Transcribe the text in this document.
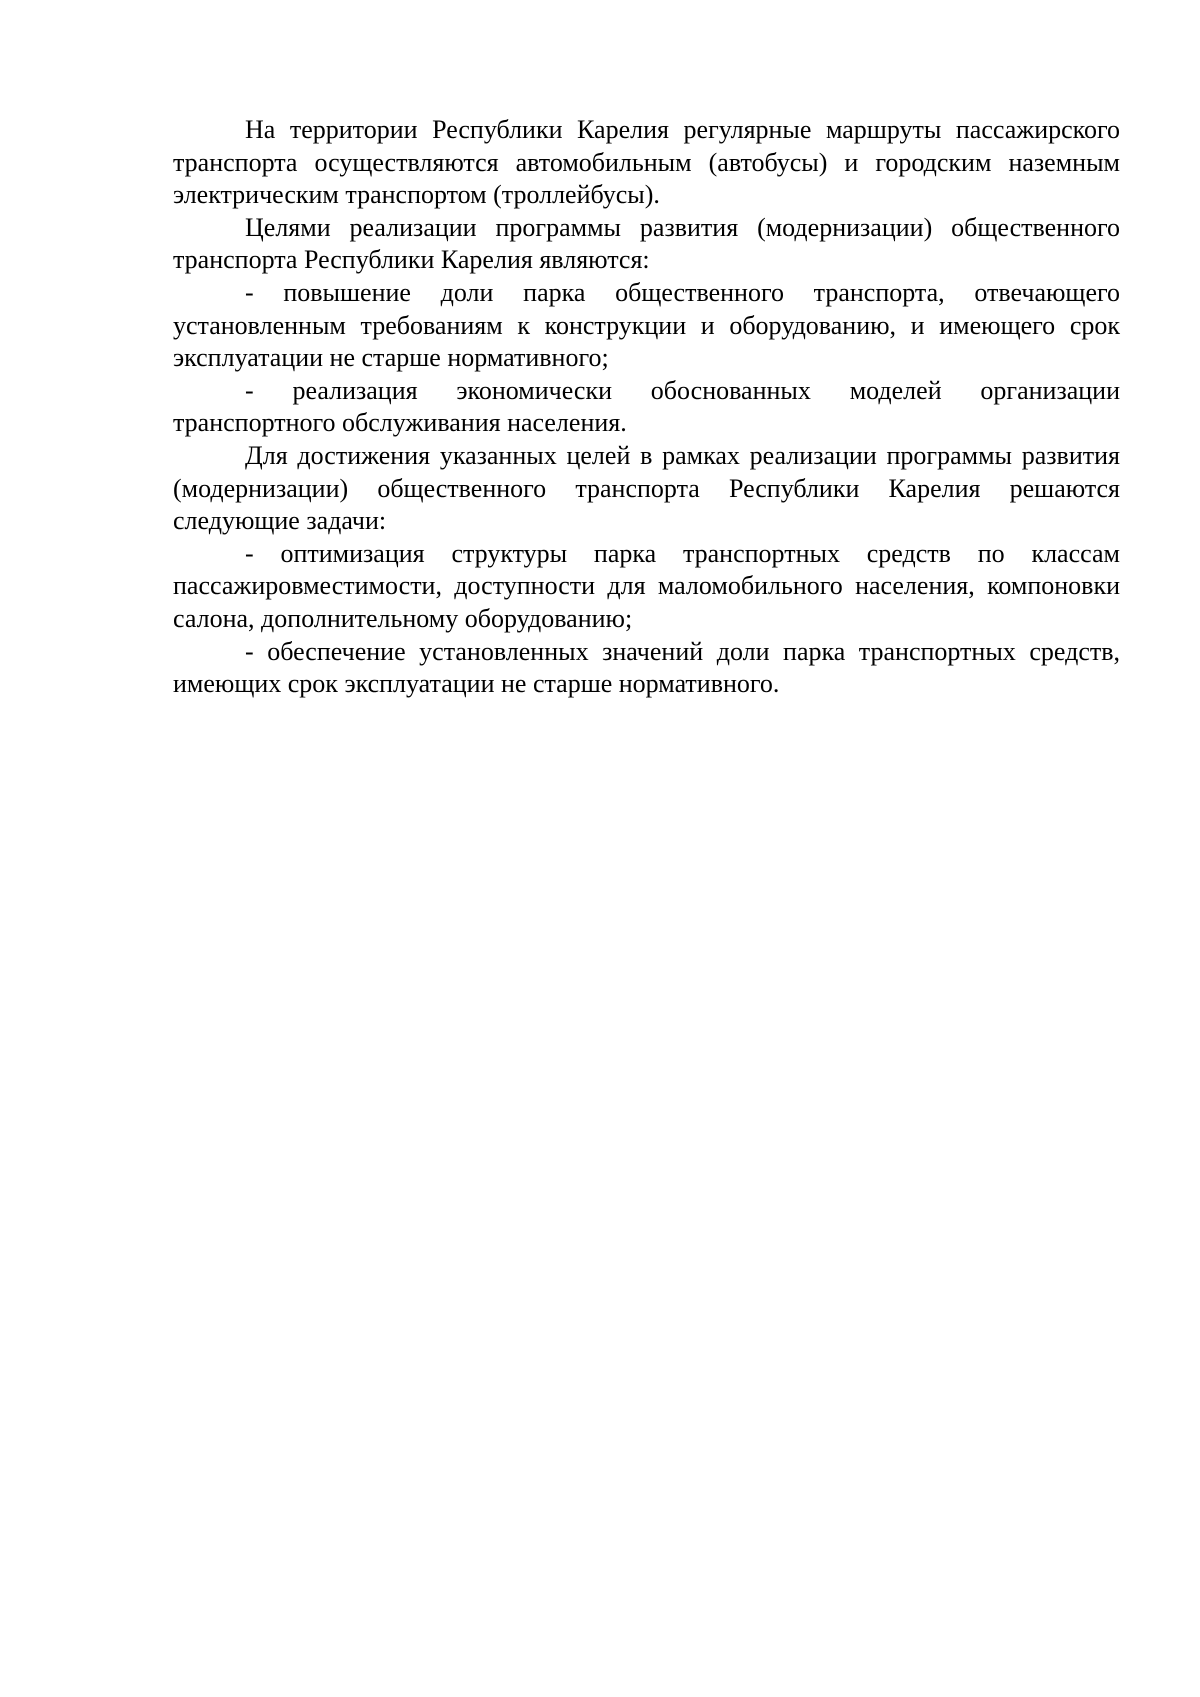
На территории Республики Карелия регулярные маршруты пассажирского транспорта осуществляются автомобильным (автобусы) и городским наземным электрическим транспортом (троллейбусы).

Целями реализации программы развития (модернизации) общественного транспорта Республики Карелия являются:

- повышение доли парка общественного транспорта, отвечающего установленным требованиям к конструкции и оборудованию, и имеющего срок эксплуатации не старше нормативного;

- реализация экономически обоснованных моделей организации транспортного обслуживания населения.

Для достижения указанных целей в рамках реализации программы развития (модернизации) общественного транспорта Республики Карелия решаются следующие задачи:

- оптимизация структуры парка транспортных средств по классам пассажировместимости, доступности для маломобильного населения, компоновки салона, дополнительному оборудованию;

- обеспечение установленных значений доли парка транспортных средств, имеющих срок эксплуатации не старше нормативного.
